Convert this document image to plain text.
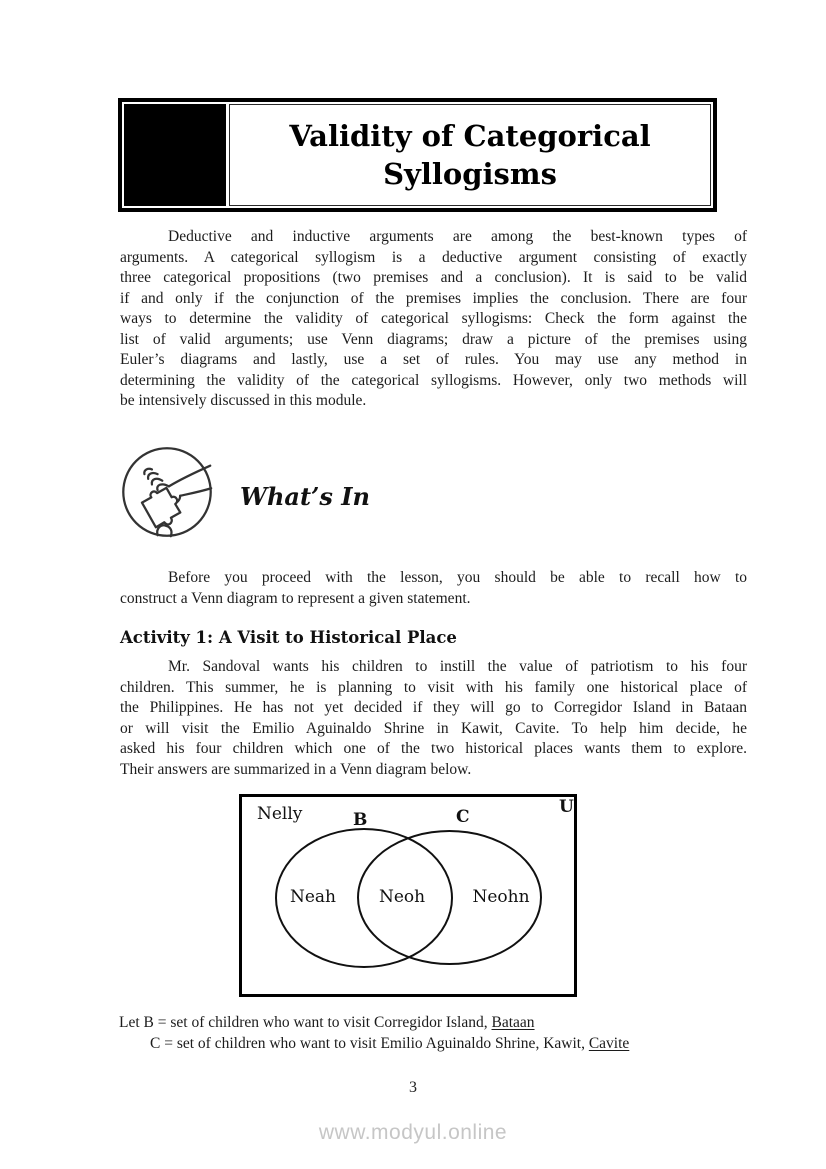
Validity of Categorical
Syllogisms
Deductive and inductive arguments are among the best-known types of
arguments. A categorical syllogism is a deductive argument consisting of exactly
three categorical propositions (two premises and a conclusion). It is said to be valid
if and only if the conjunction of the premises implies the conclusion. There are four
ways to determine the validity of categorical syllogisms: Check the form against the
list of valid arguments; use Venn diagrams; draw a picture of the premises using
Euler’s diagrams and lastly, use a set of rules. You may use any method in
determining the validity of the categorical syllogisms. However, only two methods will
be intensively discussed in this module.
What’s In
Before you proceed with the lesson, you should be able to recall how to
construct a Venn diagram to represent a given statement.
Activity 1: A Visit to Historical Place
Mr. Sandoval wants his children to instill the value of patriotism to his four
children. This summer, he is planning to visit with his family one historical place of
the Philippines. He has not yet decided if they will go to Corregidor Island in Bataan
or will visit the Emilio Aguinaldo Shrine in Kawit, Cavite. To help him decide, he
asked his four children which one of the two historical places wants them to explore.
Their answers are summarized in a Venn diagram below.
Nelly	B	C	U
Neah	Neoh	Neohn
Let B = set of children who want to visit Corregidor Island, Bataan
C = set of children who want to visit Emilio Aguinaldo Shrine, Kawit, Cavite
3
www.modyul.online
